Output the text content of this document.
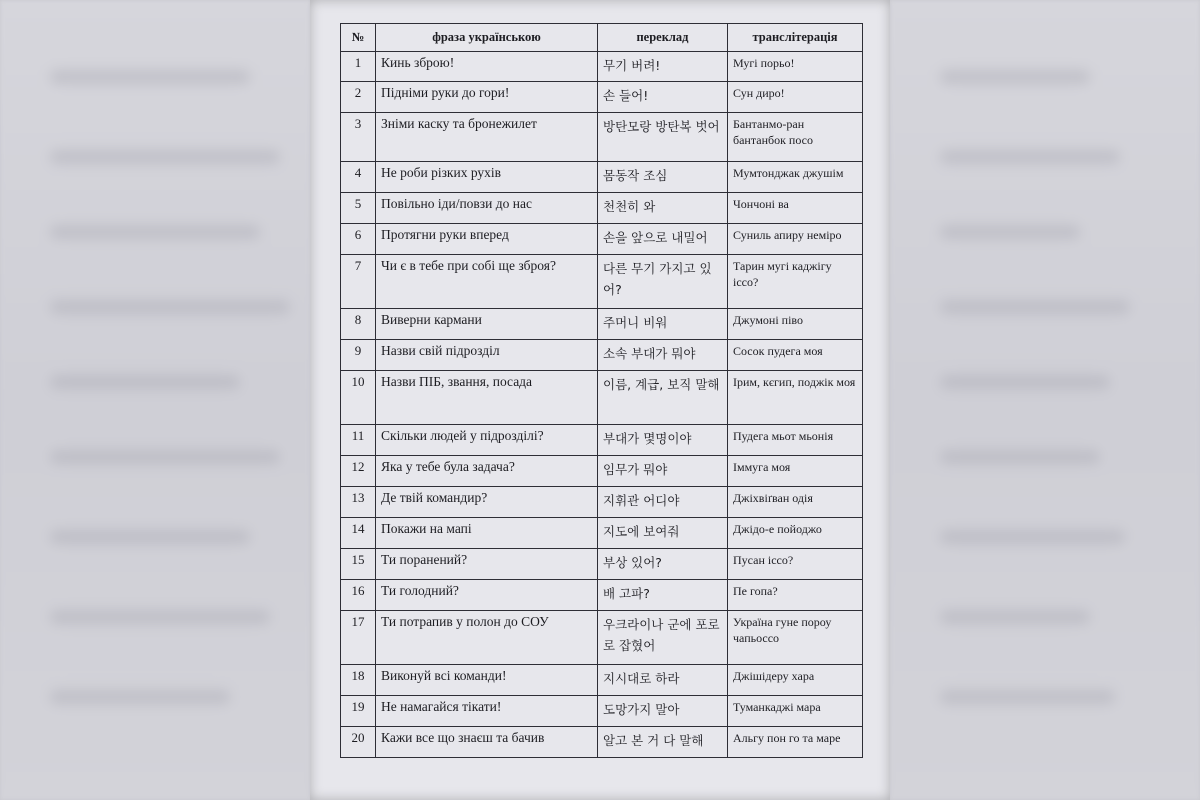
№	фраза українською	переклад	транслітерація
1	Кинь зброю!	무기 버려!	Мугі порьо!
2	Підніми руки до гори!	손 들어!	Сун диро!
3	Зніми каску та бронежилет	방탄모랑 방탄복 벗어	Бантанмо-ран бантанбок посо
4	Не роби різких рухів	몸동작 조심	Мумтонджак джушім
5	Повільно іди/повзи до нас	천천히 와	Чончоні ва
6	Протягни руки вперед	손을 앞으로 내밀어	Суниль апиру неміро
7	Чи є в тебе при собі ще зброя?	다른 무기 가지고 있어?	Тарин мугі каджігу іссо?
8	Виверни кармани	주머니 비워	Джумоні піво
9	Назви свій підрозділ	소속 부대가 뭐야	Сосок пудега моя
10	Назви ПІБ, звання, посада	이름, 계급, 보직 말해	Ірим, кєгип, поджік моя
11	Скільки людей у підрозділі?	부대가 몇명이야	Пудега мьот мьонія
12	Яка у тебе була задача?	임무가 뭐야	Іммуга моя
13	Де твій командир?	지휘관 어디야	Джіхвіґван одія
14	Покажи на мапі	지도에 보여줘	Джідо-е пойоджо
15	Ти поранений?	부상 있어?	Пусан іссо?
16	Ти голодний?	배 고파?	Пе гопа?
17	Ти потрапив у полон до СОУ	우크라이나 군에 포로로 잡혔어	Україна гуне пороу чапьоссо
18	Виконуй всі команди!	지시대로 하라	Джішідеру хара
19	Не намагайся тікати!	도망가지 말아	Туманкаджі мара
20	Кажи все що знаєш та бачив	알고 본 거 다 말해	Альгу пон го та маре
